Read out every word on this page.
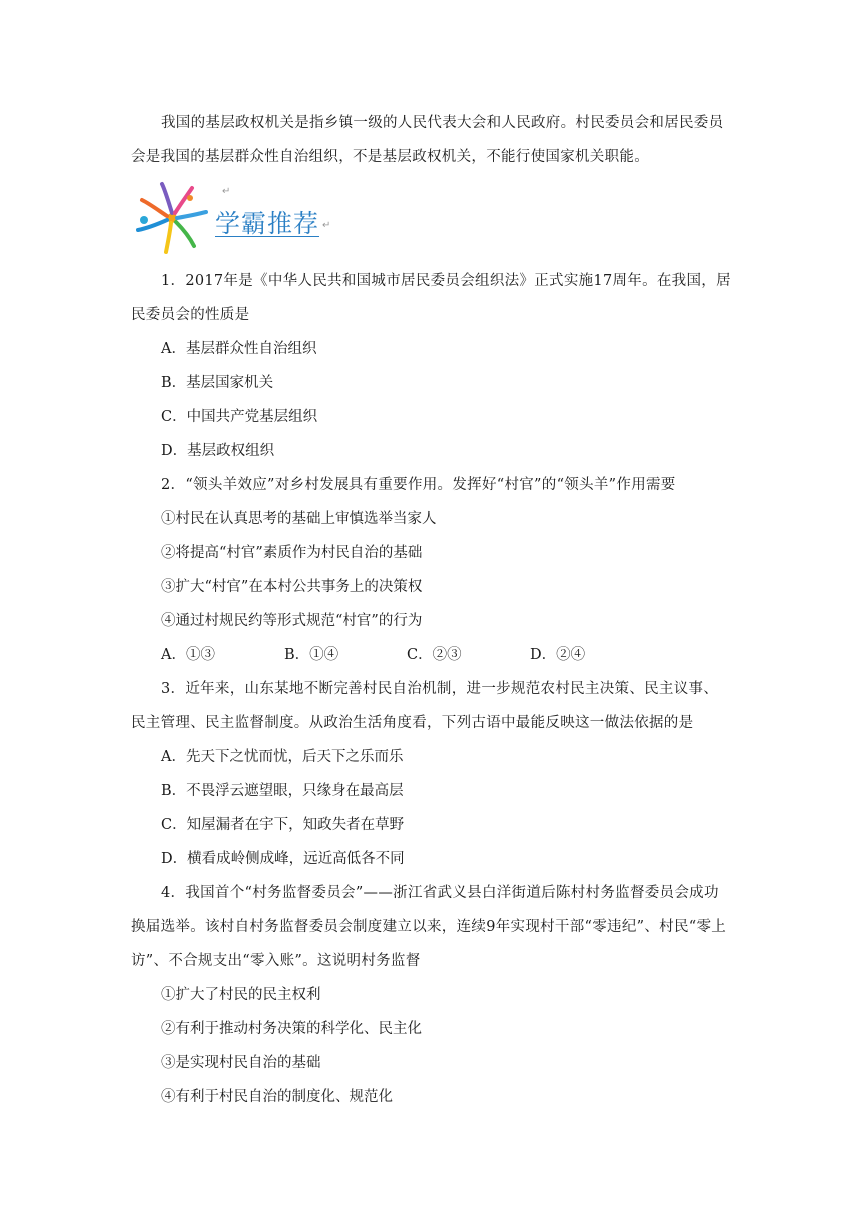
我国的基层政权机关是指乡镇一级的人民代表大会和人民政府。村民委员会和居民委员会是我国的基层群众性自治组织，不是基层政权机关，不能行使国家机关职能。

↵
学霸推荐 ↵
1．2017年是《中华人民共和国城市居民委员会组织法》正式实施17周年。在我国，居民委员会的性质是
A．基层群众性自治组织
B．基层国家机关
C．中国共产党基层组织
D．基层政权组织
2．“领头羊效应”对乡村发展具有重要作用。发挥好“村官”的“领头羊”作用需要
①村民在认真思考的基础上审慎选举当家人
②将提高“村官”素质作为村民自治的基础
③扩大“村官”在本村公共事务上的决策权
④通过村规民约等形式规范“村官”的行为
A．①③	B．①④	C．②③	D．②④
3．近年来，山东某地不断完善村民自治机制，进一步规范农村民主决策、民主议事、民主管理、民主监督制度。从政治生活角度看，下列古语中最能反映这一做法依据的是
A．先天下之忧而忧，后天下之乐而乐
B．不畏浮云遮望眼，只缘身在最高层
C．知屋漏者在宇下，知政失者在草野
D．横看成岭侧成峰，远近高低各不同
4．我国首个“村务监督委员会”——浙江省武义县白洋街道后陈村村务监督委员会成功换届选举。该村自村务监督委员会制度建立以来，连续9年实现村干部“零违纪”、村民“零上访”、不合规支出“零入账”。这说明村务监督
①扩大了村民的民主权利
②有利于推动村务决策的科学化、民主化
③是实现村民自治的基础
④有利于村民自治的制度化、规范化
